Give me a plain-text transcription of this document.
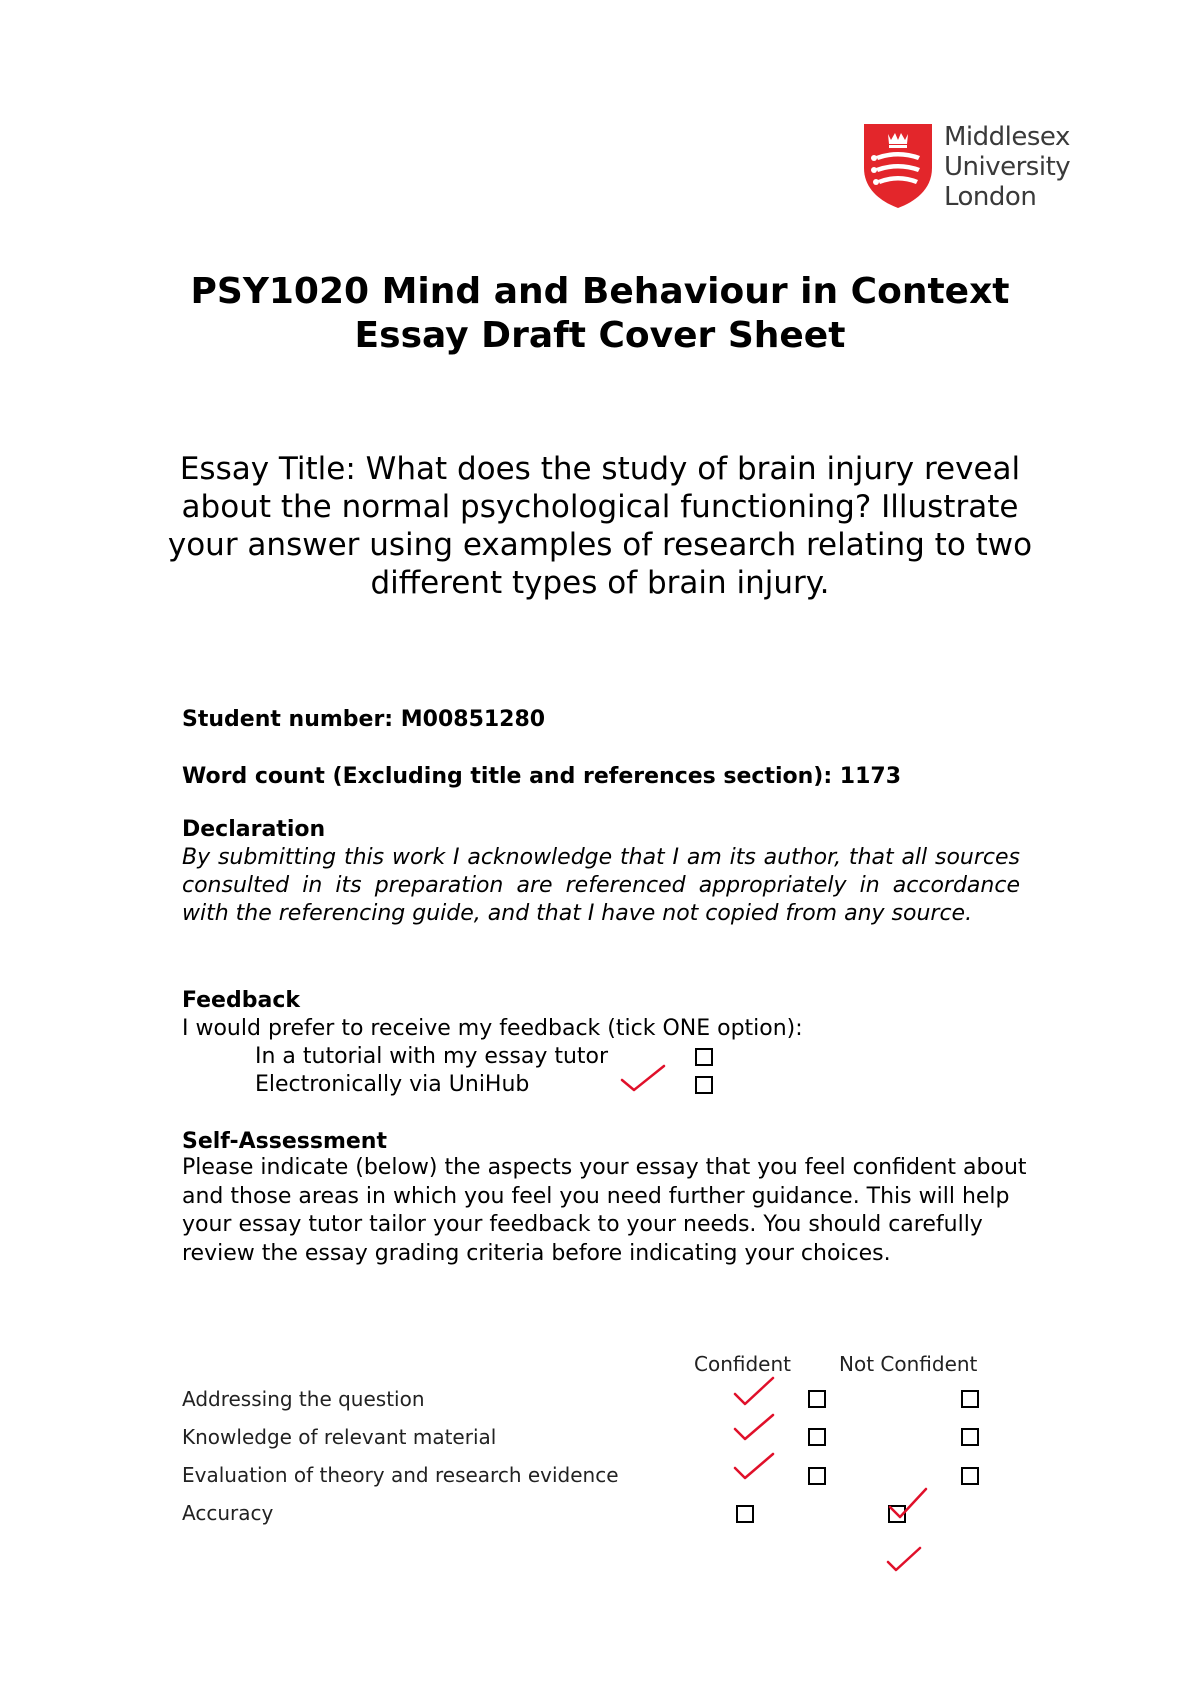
Middlesex
University
London
PSY1020 Mind and Behaviour in Context
Essay Draft Cover Sheet
Essay Title: What does the study of brain injury reveal about the normal psychological functioning? Illustrate your answer using examples of research relating to two different types of brain injury.
Student number: M00851280
Word count (Excluding title and references section): 1173
Declaration
By submitting this work I acknowledge that I am its author, that all sources consulted in its preparation are referenced appropriately in accordance with the referencing guide, and that I have not copied from any source.
Feedback
I would prefer to receive my feedback (tick ONE option):
In a tutorial with my essay tutor
Electronically via UniHub
Self-Assessment
Please indicate (below) the aspects your essay that you feel confident about and those areas in which you feel you need further guidance. This will help your essay tutor tailor your feedback to your needs. You should carefully review the essay grading criteria before indicating your choices.
Confident Not Confident
Addressing the question
Knowledge of relevant material
Evaluation of theory and research evidence
Accuracy
